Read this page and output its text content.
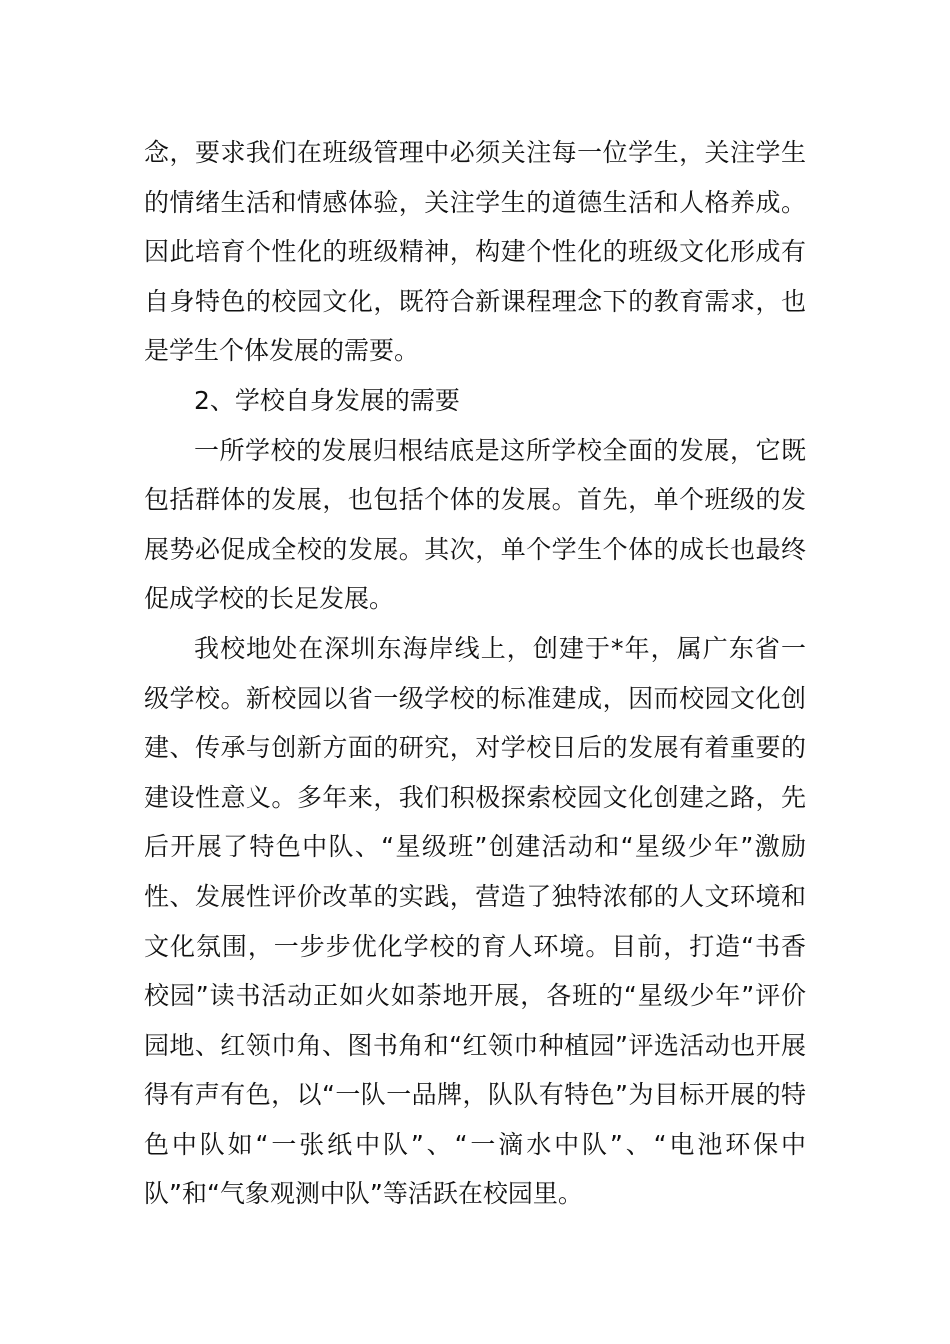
念，要求我们在班级管理中必须关注每一位学生，关注学生的情绪生活和情感体验，关注学生的道德生活和人格养成。因此培育个性化的班级精神，构建个性化的班级文化形成有自身特色的校园文化，既符合新课程理念下的教育需求，也是学生个体发展的需要。

2、学校自身发展的需要

一所学校的发展归根结底是这所学校全面的发展，它既包括群体的发展，也包括个体的发展。首先，单个班级的发展势必促成全校的发展。其次，单个学生个体的成长也最终促成学校的长足发展。

我校地处在深圳东海岸线上，创建于*年，属广东省一级学校。新校园以省一级学校的标准建成，因而校园文化创建、传承与创新方面的研究，对学校日后的发展有着重要的建设性意义。多年来，我们积极探索校园文化创建之路，先后开展了特色中队、“星级班”创建活动和“星级少年”激励性、发展性评价改革的实践，营造了独特浓郁的人文环境和文化氛围，一步步优化学校的育人环境。目前，打造“书香校园”读书活动正如火如荼地开展，各班的“星级少年”评价园地、红领巾角、图书角和“红领巾种植园”评选活动也开展得有声有色，以“一队一品牌，队队有特色”为目标开展的特色中队如“一张纸中队”、“一滴水中队”、“电池环保中队”和“气象观测中队”等活跃在校园里。
